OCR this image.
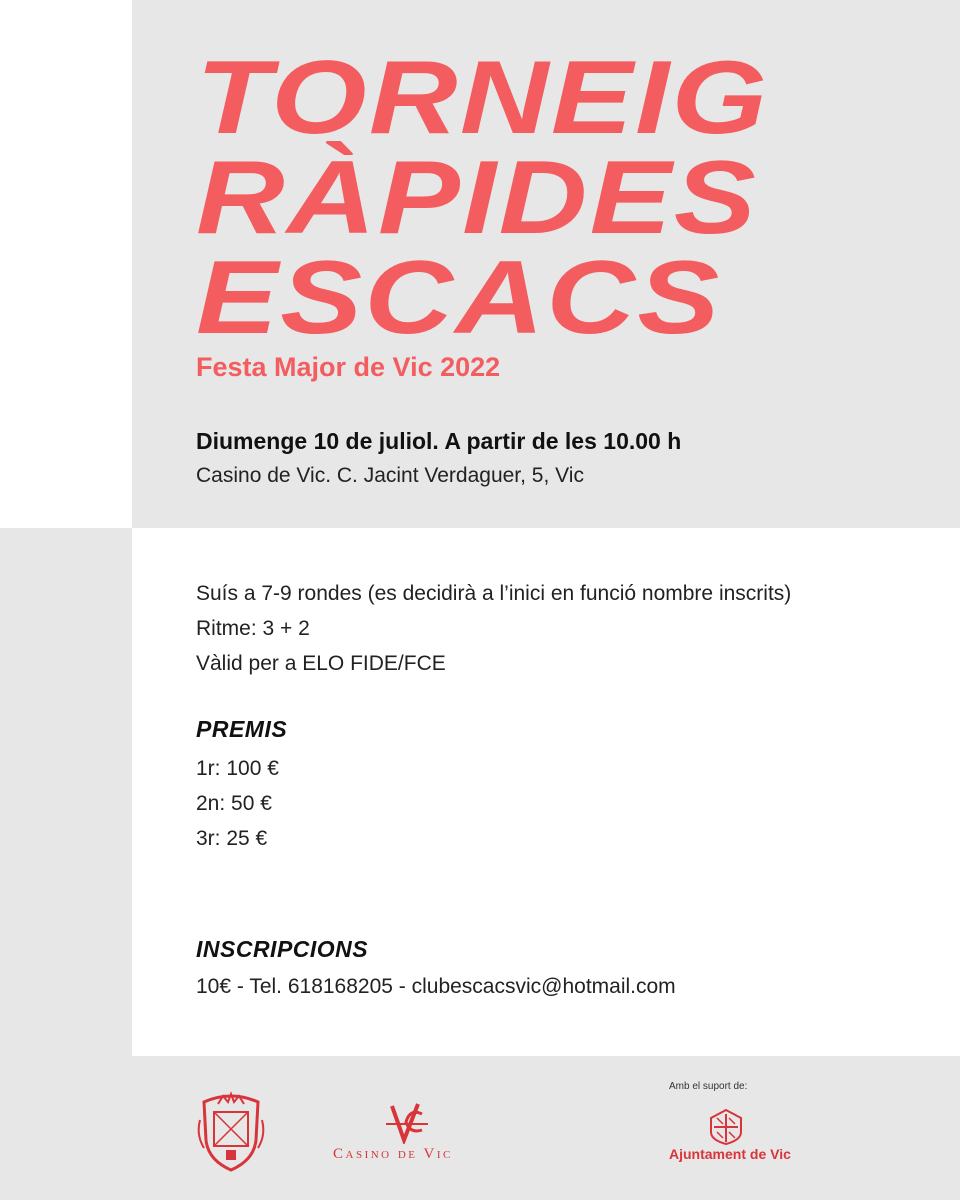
TORNEIG
RÀPIDES
ESCACS
Festa Major de Vic 2022
Diumenge 10 de juliol. A partir de les 10.00 h
Casino de Vic. C. Jacint Verdaguer, 5, Vic
Suís a 7-9 rondes (es decidirà a l’inici en funció nombre inscrits)
Ritme: 3 + 2
Vàlid per a ELO FIDE/FCE
PREMIS
1r: 100 €
2n: 50 €
3r: 25 €
INSCRIPCIONS
10€ - Tel. 618168205 - clubescacsvic@hotmail.com
Casino de Vic
Amb el suport de:
Ajuntament de Vic
